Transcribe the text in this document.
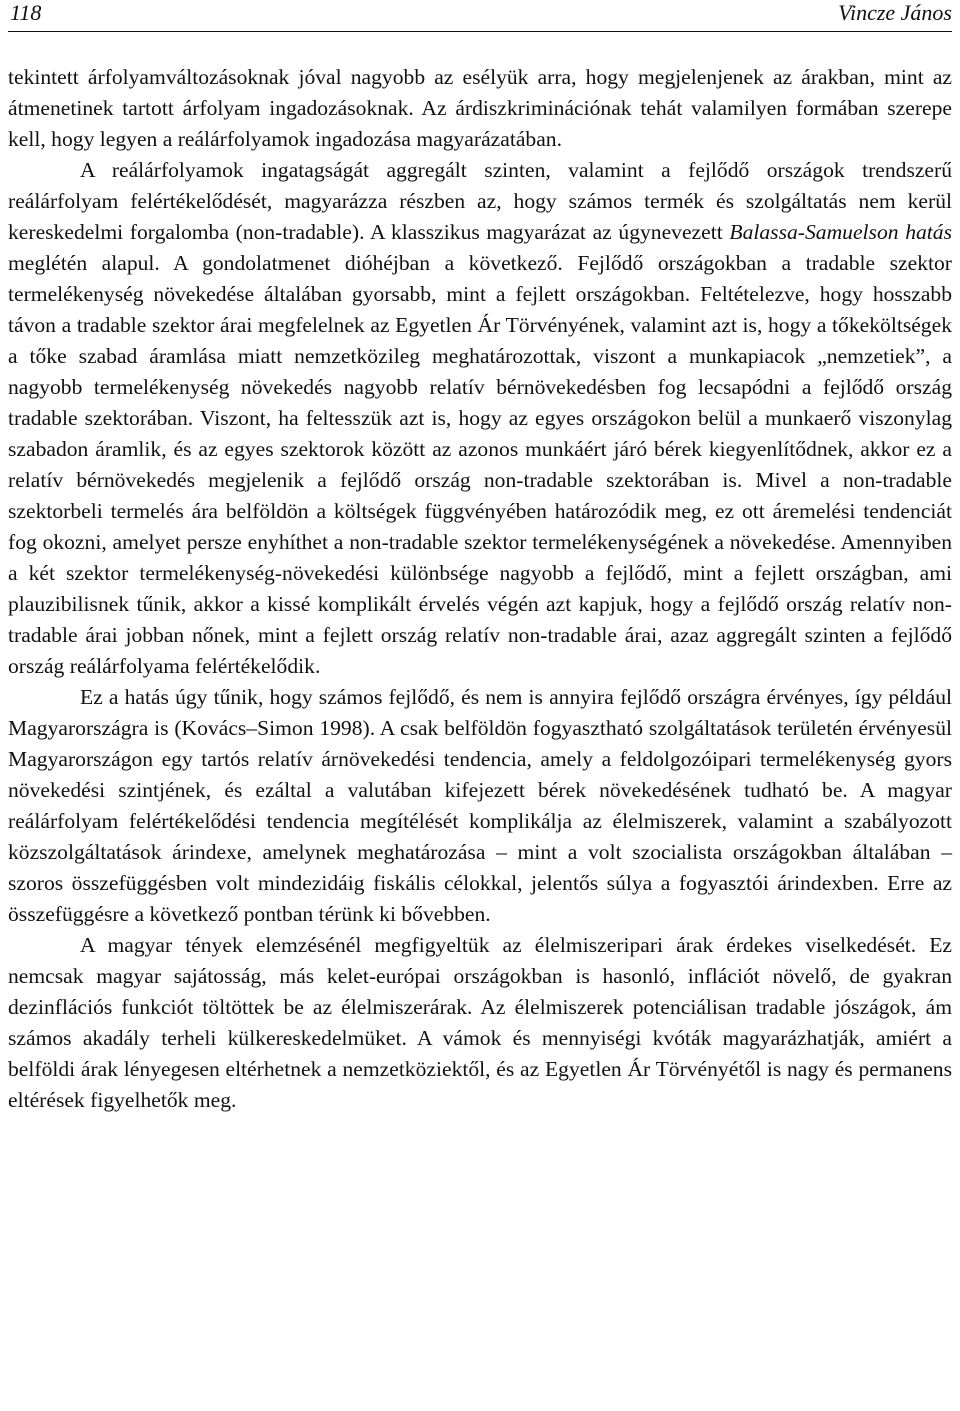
118	Vincze János

tekintett árfolyamváltozásoknak jóval nagyobb az esélyük arra, hogy megjelenjenek az árakban, mint az átmenetinek tartott árfolyam ingadozásoknak. Az árdiszkriminációnak tehát valamilyen formában szerepe kell, hogy legyen a reálárfolyamok ingadozása magyarázatában.

A reálárfolyamok ingatagságát aggregált szinten, valamint a fejlődő országok trendszerű reálárfolyam felértékelődését, magyarázza részben az, hogy számos termék és szolgáltatás nem kerül kereskedelmi forgalomba (non-tradable). A klasszikus magyarázat az úgynevezett Balassa-Samuelson hatás meglétén alapul. A gondolatmenet dióhéjban a következő. Fejlődő országokban a tradable szektor termelékenység növekedése általában gyorsabb, mint a fejlett országokban. Feltételezve, hogy hosszabb távon a tradable szektor árai megfelelnek az Egyetlen Ár Törvényének, valamint azt is, hogy a tőkeköltségek a tőke szabad áramlása miatt nemzetközileg meghatározottak, viszont a munkapiacok „nemzetiek”, a nagyobb termelékenység növekedés nagyobb relatív bérnövekedésben fog lecsapódni a fejlődő ország tradable szektorában. Viszont, ha feltesszük azt is, hogy az egyes országokon belül a munkaerő viszonylag szabadon áramlik, és az egyes szektorok között az azonos munkáért járó bérek kiegyenlítődnek, akkor ez a relatív bérnövekedés megjelenik a fejlődő ország non-tradable szektorában is. Mivel a non-tradable szektorbeli termelés ára belföldön a költségek függvényében határozódik meg, ez ott áremelési tendenciát fog okozni, amelyet persze enyhíthet a non-tradable szektor termelékenységének a növekedése. Amennyiben a két szektor termelékenység-növekedési különbsége nagyobb a fejlődő, mint a fejlett országban, ami plauzibilisnek tűnik, akkor a kissé komplikált érvelés végén azt kapjuk, hogy a fejlődő ország relatív non-tradable árai jobban nőnek, mint a fejlett ország relatív non-tradable árai, azaz aggregált szinten a fejlődő ország reálárfolyama felértékelődik.

Ez a hatás úgy tűnik, hogy számos fejlődő, és nem is annyira fejlődő országra érvényes, így például Magyarországra is (Kovács–Simon 1998). A csak belföldön fogyasztható szolgáltatások területén érvényesül Magyarországon egy tartós relatív árnövekedési tendencia, amely a feldolgozóipari termelékenység gyors növekedési szintjének, és ezáltal a valutában kifejezett bérek növekedésének tudható be. A magyar reálárfolyam felértékelődési tendencia megítélését komplikálja az élelmiszerek, valamint a szabályozott közszolgáltatások árindexe, amelynek meghatározása – mint a volt szocialista országokban általában – szoros összefüggésben volt mindezidáig fiskális célokkal, jelentős súlya a fogyasztói árindexben. Erre az összefüggésre a következő pontban térünk ki bővebben.

A magyar tények elemzésénél megfigyeltük az élelmiszeripari árak érdekes viselkedését. Ez nemcsak magyar sajátosság, más kelet-európai országokban is hasonló, inflációt növelő, de gyakran dezinflációs funkciót töltöttek be az élelmiszerárak. Az élelmiszerek potenciálisan tradable jószágok, ám számos akadály terheli külkereskedelmüket. A vámok és mennyiségi kvóták magyarázhatják, amiért a belföldi árak lényegesen eltérhetnek a nemzetköziektől, és az Egyetlen Ár Törvényétől is nagy és permanens eltérések figyelhetők meg.
